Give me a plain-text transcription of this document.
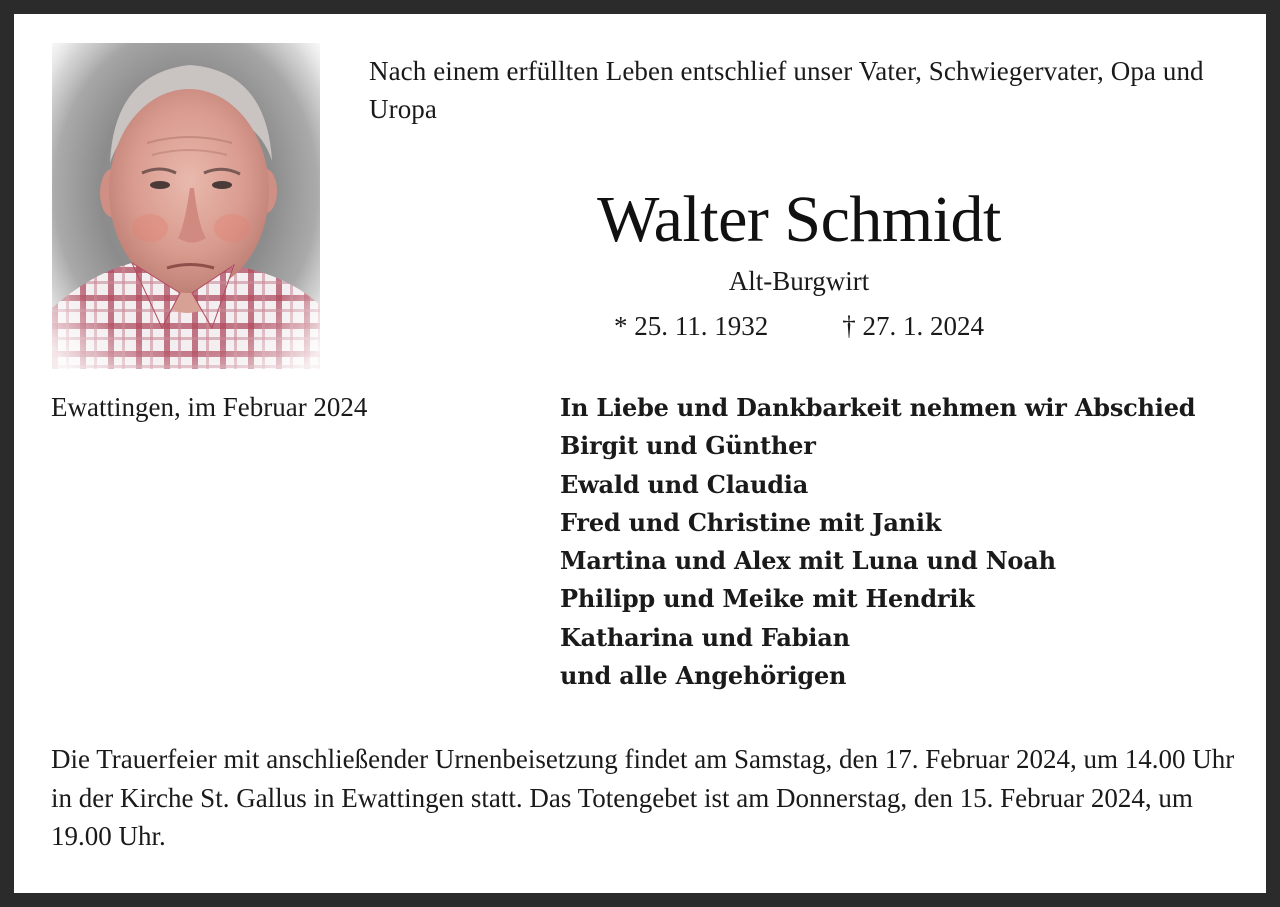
Nach einem erfüllten Leben entschlief unser Vater, Schwiegervater, Opa und Uropa
Walter Schmidt
Alt-Burgwirt
* 25. 11. 1932	† 27. 1. 2024
Ewattingen, im Februar 2024	In Liebe und Dankbarkeit nehmen wir Abschied
Birgit und Günther
Ewald und Claudia
Fred und Christine mit Janik
Martina und Alex mit Luna und Noah
Philipp und Meike mit Hendrik
Katharina und Fabian
und alle Angehörigen
Die Trauerfeier mit anschließender Urnenbeisetzung findet am Samstag, den 17. Februar 2024, um 14.00 Uhr in der Kirche St. Gallus in Ewattingen statt. Das Totengebet ist am Donnerstag, den 15. Februar 2024, um 19.00 Uhr.
